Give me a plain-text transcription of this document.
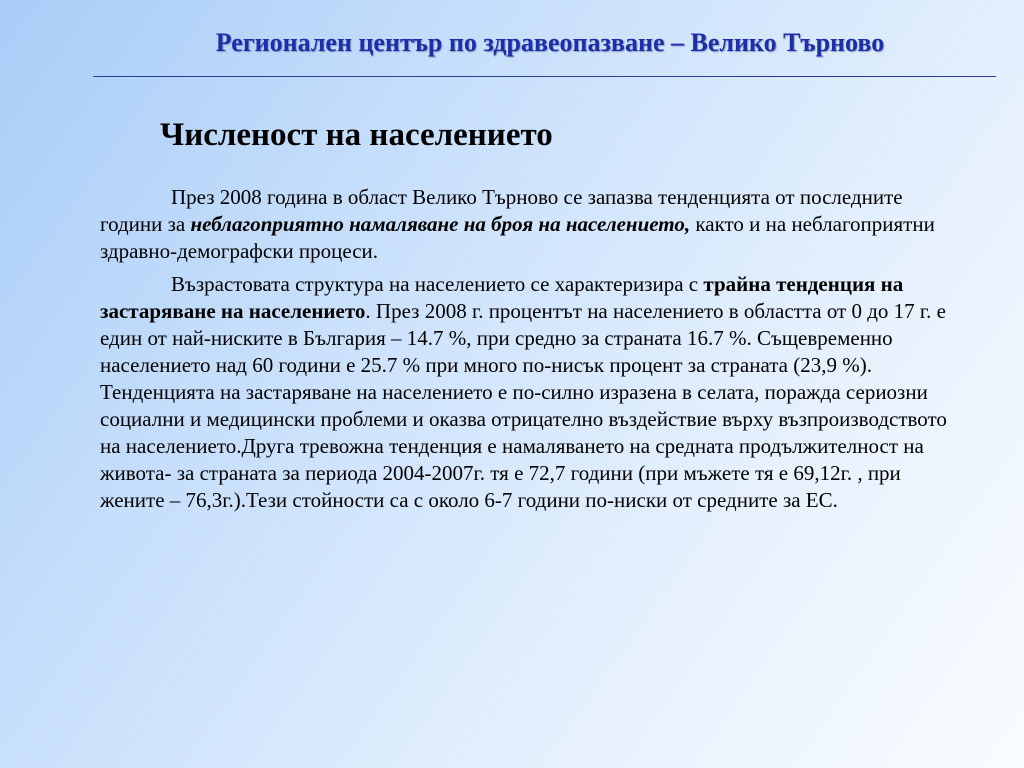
Регионален център по здравеопазване – Велико Търново
Численост на населението

През 2008 година в област Велико Търново се запазва тенденцията от последните години за неблагоприятно намаляване на броя на населението, както и на неблагоприятни здравно-демографски процеси.

Възрастовата структура на населението се характеризира с трайна тенденция на застаряване на населението. През 2008 г. процентът на населението в областта от 0 до 17 г. е един от най-ниските в България – 14.7 %, при средно за страната 16.7 %. Същевременно населението над 60 години е 25.7 % при много по-нисък процент за страната (23,9 %). Тенденцията на застаряване на населението е по-силно изразена в селата, поражда сериозни социални и медицински проблеми и оказва отрицателно въздействие върху възпроизводството на населението.Друга тревожна тенденция е намаляването на средната продължителност на живота- за страната за периода 2004-2007г. тя е 72,7 години (при мъжете тя е 69,12г. , при жените – 76,3г.).Тези стойности са с около 6-7 години по-ниски от средните за ЕС.
